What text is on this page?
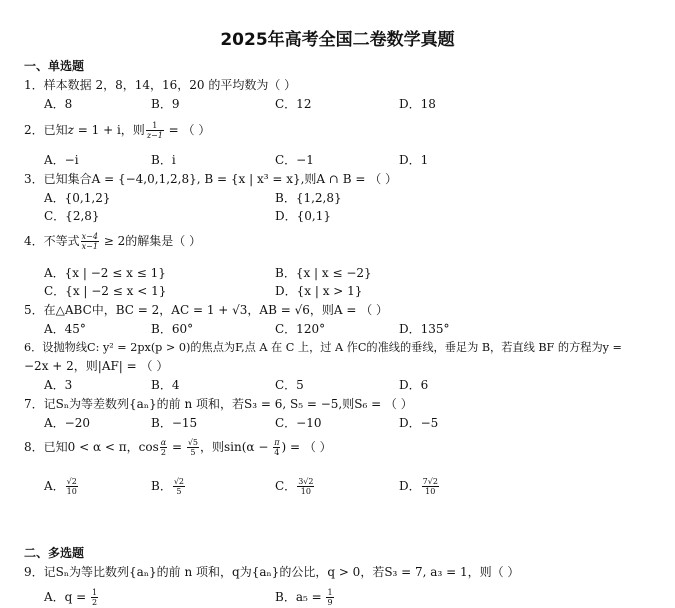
2025年高考全国二卷数学真题
一、单选题
1．样本数据 2，8，14，16，20 的平均数为（ ）
A．8	B．9	C．12	D．18
2．已知z = 1 + i，则 $\frac{1}{z-1}$ = （ ）
A．−i	B．i	C．−1	D．1
3．已知集合A = {−4,0,1,2,8}, B = {x | x³ = x},则A ∩ B = （ ）
A．{0,1,2}	B．{1,2,8}
C．{2,8}	D．{0,1}
4．不等式 $\frac{x-4}{x-1} \ge 2$的解集是（ ）
A．{x | −2 ≤ x ≤ 1}	B．{x | x ≤ −2}
C．{x | −2 ≤ x < 1}	D．{x | x > 1}
5．在△ABC中，BC = 2，AC = 1 + √3，AB = √6，则A = （ ）
A．45°	B．60°	C．120°	D．135°
6．设抛物线C: y² = 2px(p > 0)的焦点为F,点 A 在 C 上，过 A 作C的准线的垂线，垂足为 B，若直线 BF 的方程为y =
−2x + 2，则|AF| = （ ）
A．3	B．4	C．5	D．6
7．记Sₙ为等差数列{aₙ}的前 n 项和，若S₃ = 6, S₅ = −5,则S₆ = （ ）
A．−20	B．−15	C．−10	D．−5
8．已知0 < α < π，$\cos \frac{\alpha}{2} = \frac{√5}{5}$ ，则$\sin(\alpha - \frac{\pi}{4}$ ) = （ ）
A． $\frac{√2}{10}$	B． $\frac{√2}{5}$	C． $\frac{3√2}{10}$	D． $\frac{7√2}{10}$
二、多选题
9．记Sₙ为等比数列{aₙ}的前 n 项和，q为{aₙ}的公比，q > 0，若S₃ = 7, a₃ = 1，则（ ）
A．$q = \frac{1}{2}$	B．$a_5 = \frac{1}{9}$
